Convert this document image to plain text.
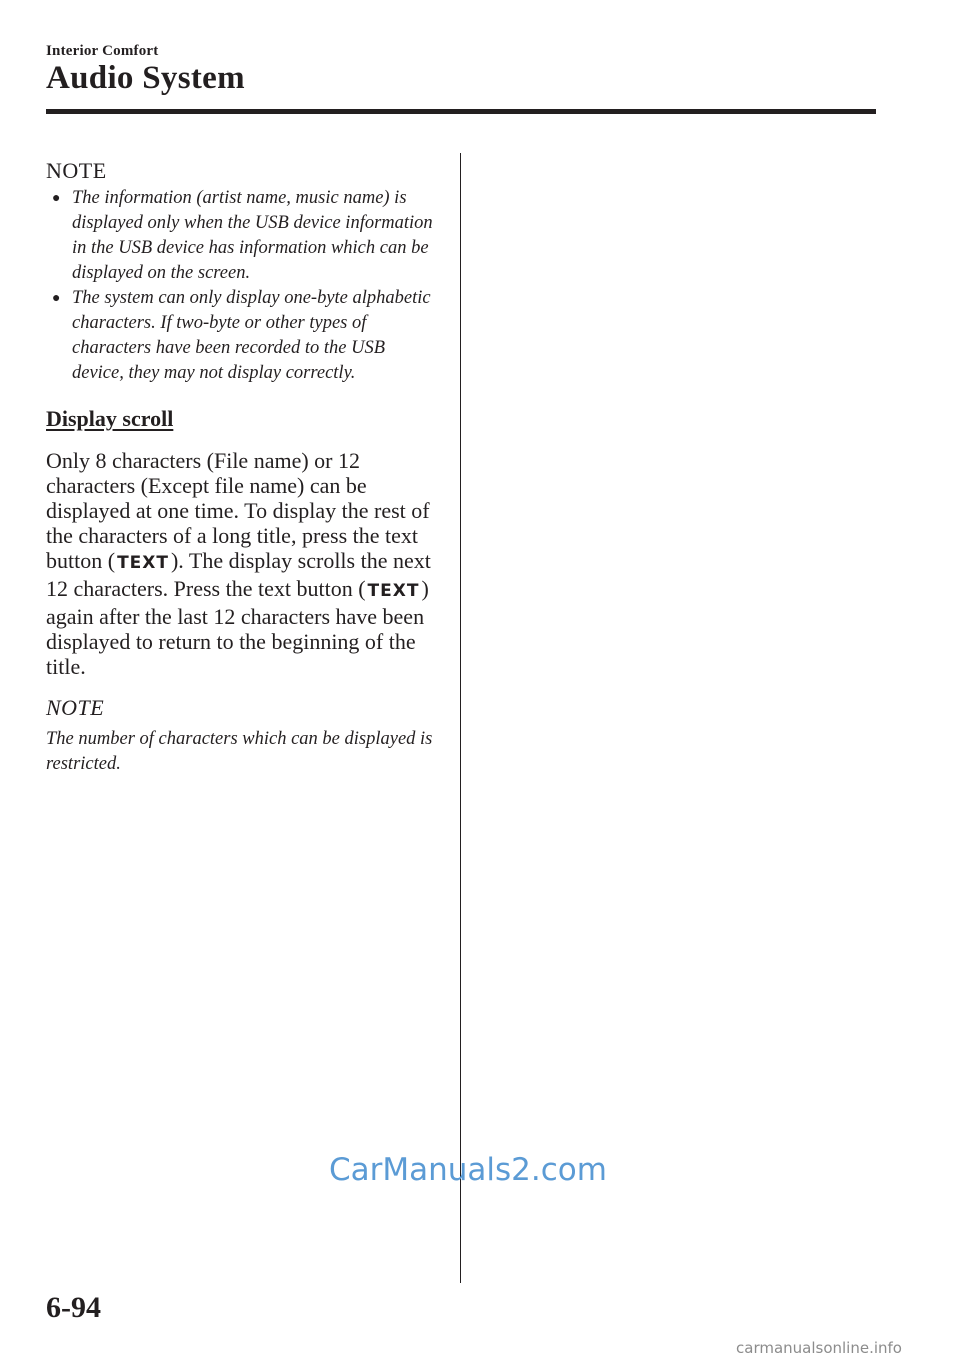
Interior Comfort
Audio System
NOTE
● The information (artist name, music name) is displayed only when the USB device information in the USB device has information which can be displayed on the screen.
● The system can only display one-byte alphabetic characters. If two-byte or other types of characters have been recorded to the USB device, they may not display correctly.
Display scroll
Only 8 characters (File name) or 12 characters (Except file name) can be displayed at one time. To display the rest of the characters of a long title, press the text button ( TEXT). The display scrolls the next 12 characters. Press the text button ( TEXT) again after the last 12 characters have been displayed to return to the beginning of the title.
NOTE
The number of characters which can be displayed is restricted.
CarManuals2.com
6-94
carmanualsonline.info
